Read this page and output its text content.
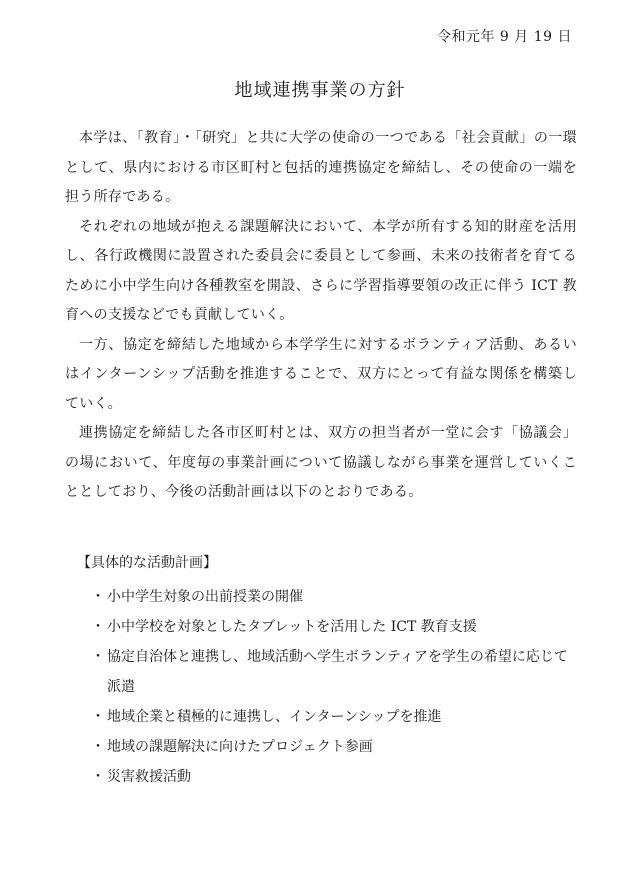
令和元年 9 月 19 日
地域連携事業の方針

本学は、「教育」・「研究」と共に大学の使命の一つである「社会貢献」の一環として、県内における市区町村と包括的連携協定を締結し、その使命の一端を担う所存である。

それぞれの地域が抱える課題解決において、本学が所有する知的財産を活用し、各行政機関に設置された委員会に委員として参画、未来の技術者を育てるために小中学生向け各種教室を開設、さらに学習指導要領の改正に伴う ICT 教育への支援などでも貢献していく。

一方、協定を締結した地域から本学学生に対するボランティア活動、あるいはインターンシップ活動を推進することで、双方にとって有益な関係を構築していく。

連携協定を締結した各市区町村とは、双方の担当者が一堂に会す「協議会」の場において、年度毎の事業計画について協議しながら事業を運営していくこととしており、今後の活動計画は以下のとおりである。

【具体的な活動計画】
・ 小中学生対象の出前授業の開催
・ 小中学校を対象としたタブレットを活用した ICT 教育支援
・ 協定自治体と連携し、地域活動へ学生ボランティアを学生の希望に応じて派遣
・ 地域企業と積極的に連携し、インターンシップを推進
・ 地域の課題解決に向けたプロジェクト参画
・ 災害救援活動
